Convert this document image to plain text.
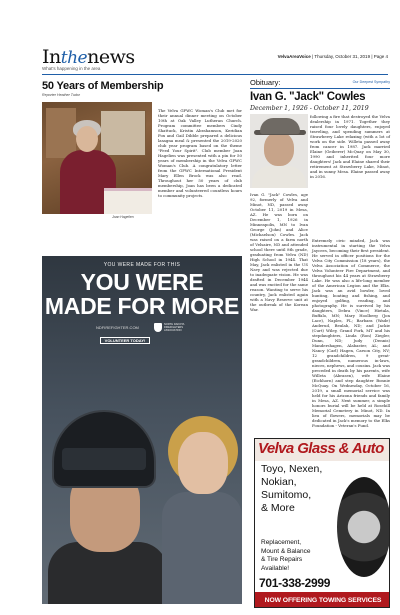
Inthenews
What's happening in the area
VelvaAreaVoice | Thursday, October 31, 2019 | Page 4
50 Years of Membership
Reporter Heather Tudor
Joan Hagelien
The Velva GFWC Woman's Club met for their annual dinner meeting on October 10th at Oak Valley Lutheran Church. Program committee members Cindy Shattuck, Kristin Abrahamson, Keridian Fox and Gail Dibble prepared a delicious lasagna meal & presented the 2019-2020 club year program based on the theme "Feed Your Spirit". Club member Joan Hagelien was presented with a pin for 50 years of membership in the Velva GFWC Woman's Club. A congratulatory letter from the GFWC International President Mary Ellen Brock was also read. Throughout her 50 years of club membership, Joan has been a dedicated member and volunteered countless hours to community projects.
YOU WERE MADE FOR THIS
YOU WERE
MADE FOR MORE
NDFIREFIGHTER.COM
NORTH DAKOTA FIREFIGHTERS ASSOCIATION
VOLUNTEER TODAY!
Obituary:	Our Deepest Sympathy
Ivan G. "Jack" Cowles
December 1, 1926 - October 11, 2019
following a fire that destroyed the Velva dealership in 1971. Together they raised four lovely daughters, enjoyed traveling, and spending summers at Strawberry Lake relaxing (with a lot of work on the side. Willeta passed away from cancer in 1987. Jack married Elaine (Geiberer) McQuay on May 30, 1990 and inherited four more daughters! Jack and Elaine shared their retirement at Strawberry Lake, Minot, and in sunny Mesa. Elaine passed away in 2016.
Ivan G. "Jack" Cowles, age 92, formerly of Velva and Minot, ND, passed away October 11, 2019 in Mesa, AZ. He was born on December 1, 1926 in Minneapolis, MN to Ivan George (John) and Alice (Michaelson) Cowles. Jack was raised on a farm north of Velsaire, ND and attended school there until 8th grade, graduating from Velva (ND) High School in 1944. That May, Jack enlisted in the US Navy and was rejected due to inadequate vision. He was drafted in December 1944 and was excited for the same reason. Wanting to serve his country, Jack enlisted again with a Navy Reserve unit at the outbreak of the Korean War.
Extremely civic minded, Jack was instrumental in starting the Velva Jaycees, becoming their first president. He served in officer positions for the Velva City Commission (18 years), the Velva Association of Commerce, the Velva Volunteer Fire Department, and throughout his 44 years at Strawberry Lake. He was also a life-long member of the American Legion and the Elks. Jack was an avid bowler, loved hunting, boating and fishing, and enjoyed golfing, reading, and photography. He is survived by his daughters, Debra (Vince) Hietala, Buffalo, MN; Mary Hoolberg (Jon Lace), Naples, FL; Barbara (Wade) Anderud, Beulah, ND; and Jackie (Curt) Wiley, Grand Fork, MT and his stepdaughters, Linda (Ron) Ziegler, Dunn, ND; Judy (Dennis) Mandershagen, Alabaster, AL; and Nancy (Carl) Hagen, Carson City, NV; 12 grandchildren, 9 great-grandchildren, numerous in-laws, nieces, nephews, and cousins. Jack was preceded in death by his parents, wife Willeta (Abrasen), wife Elaine (Eichhorn) and step daughter Bonnie McQuay. On Wednesday, October 16, 2019, a small memorial service was held for his Arizona friends and family in Mesa, AZ. Next summer, a simple honors burial will be held at Rosehill Memorial Cemetery in Minot, ND. In lieu of flowers, memorials may be dedicated in Jack's memory to the Elks Foundation - Veteran's Fund.
Velva Glass & Auto
Toyo, Nexen,
Nokian,
Sumitomo,
& More
Replacement,
Mount & Balance
& Tire Repairs
Available!
701-338-2999
NOW OFFERING TOWING SERVICES
